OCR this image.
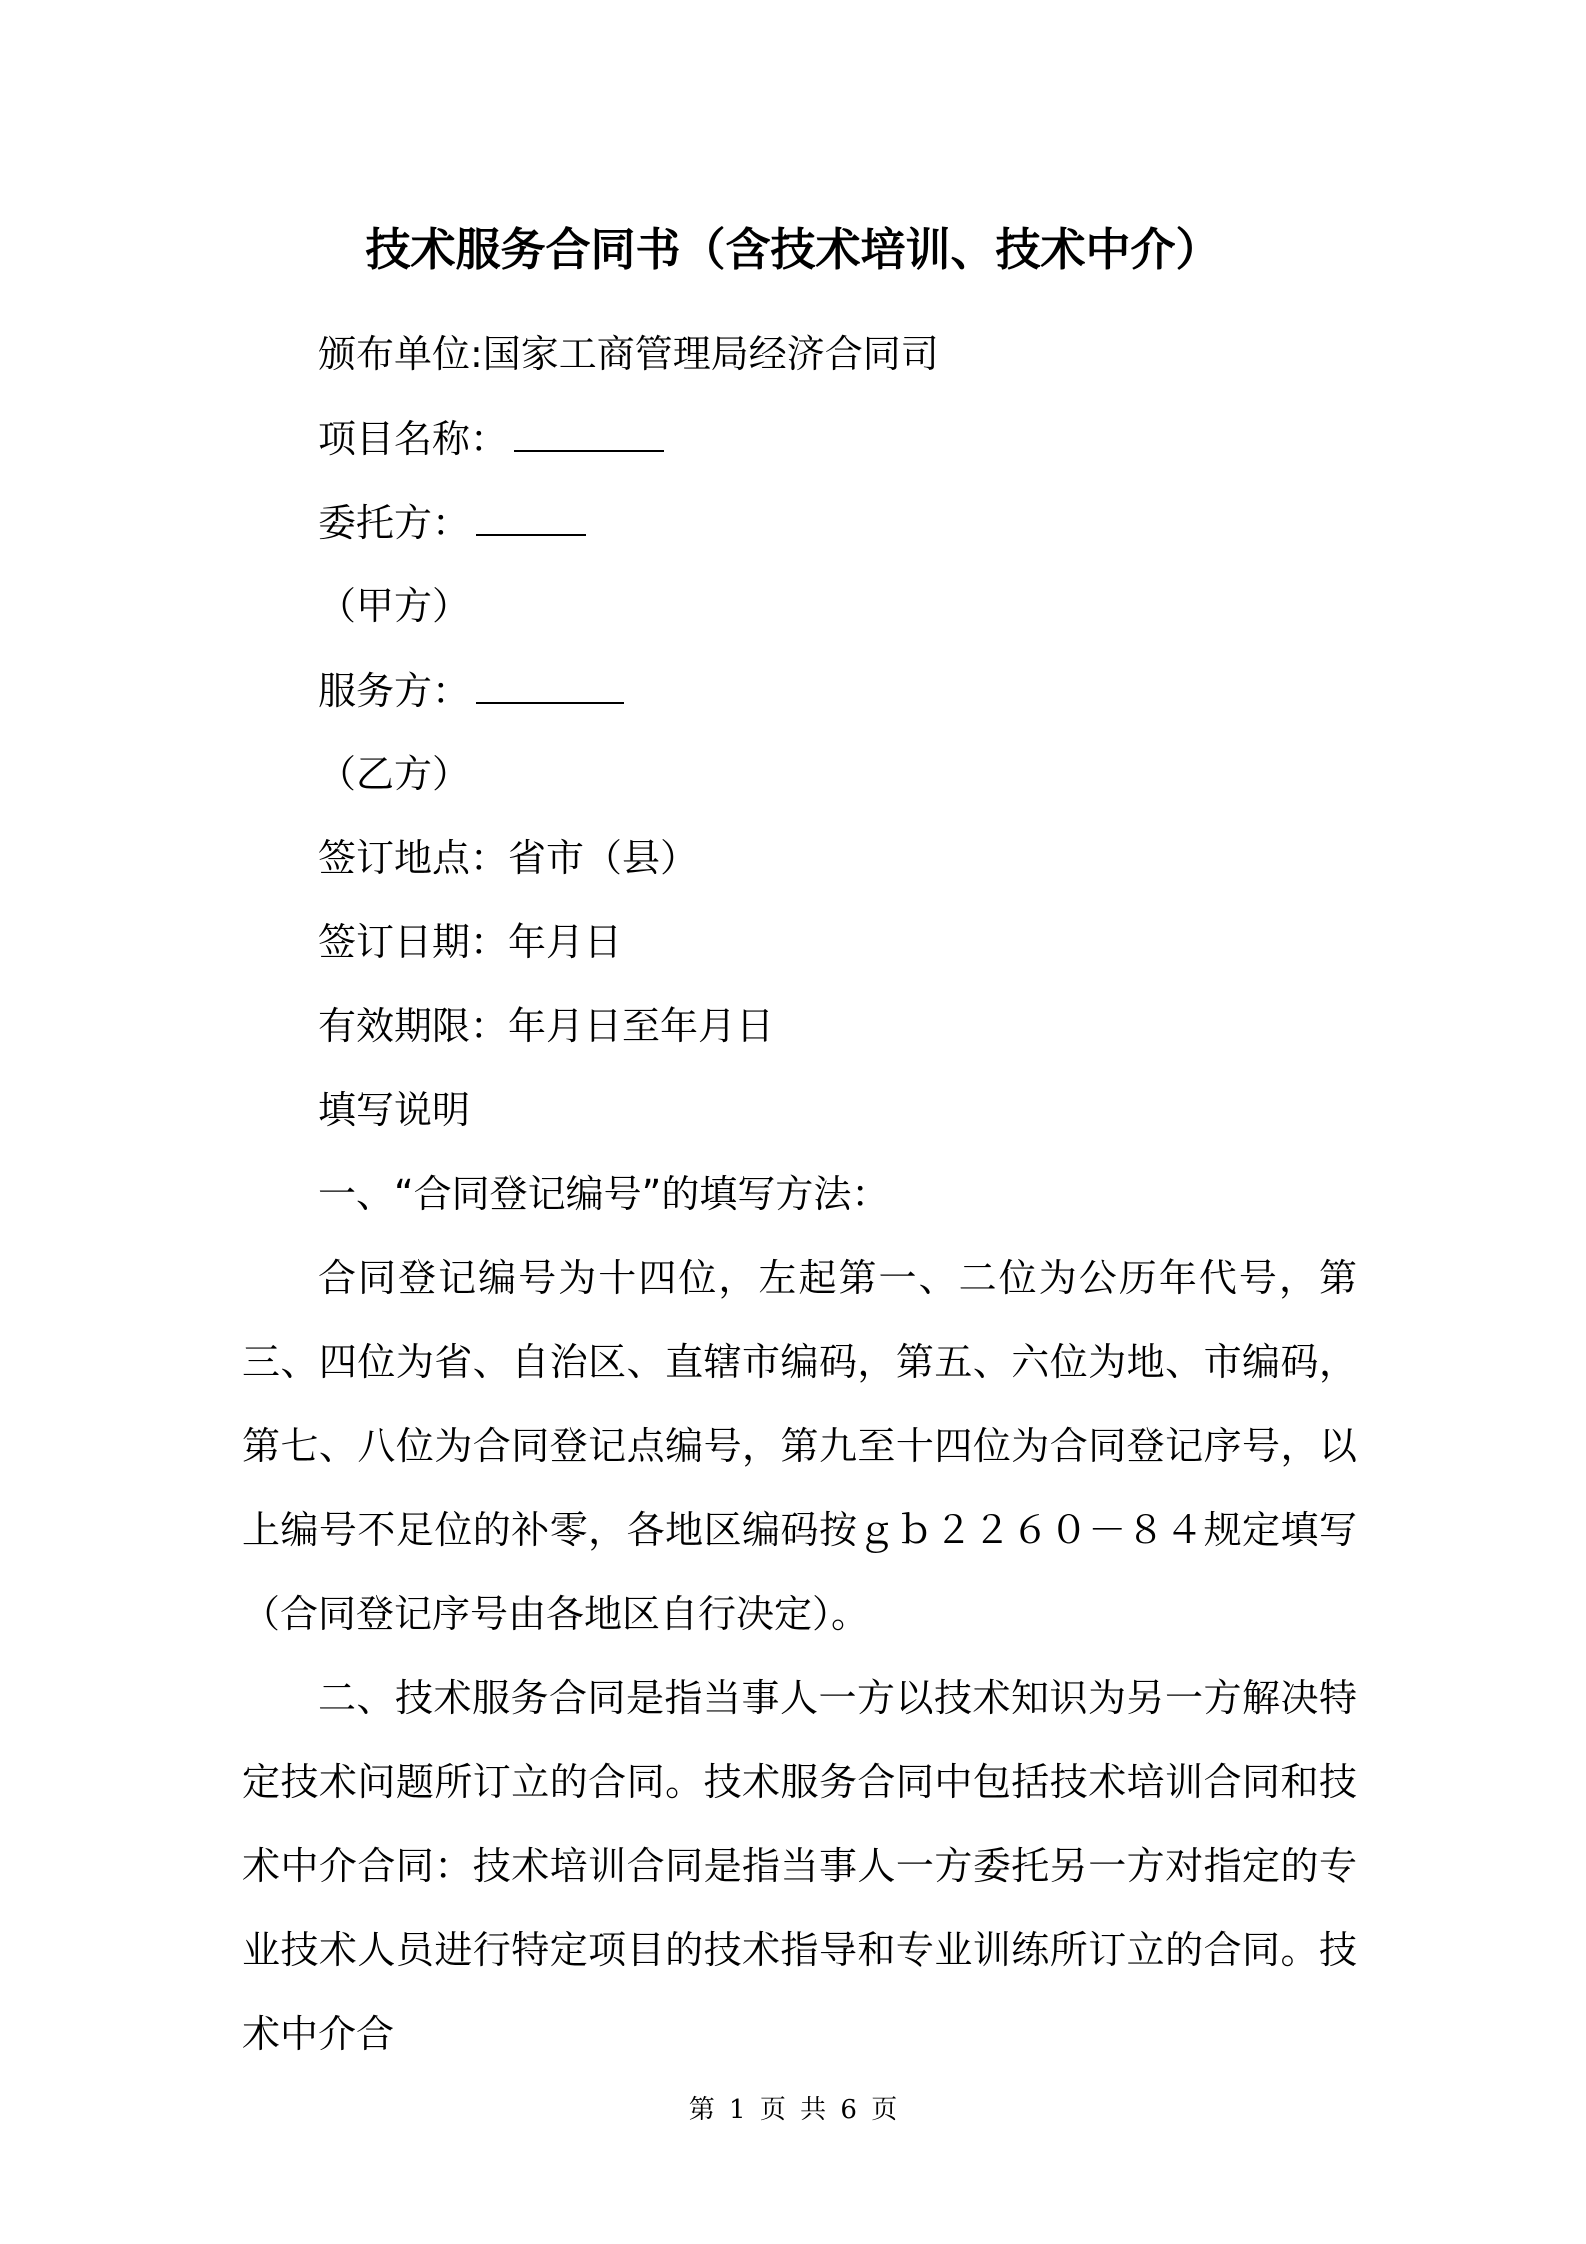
技术服务合同书（含技术培训、技术中介）
颁布单位:国家工商管理局经济合同司
项目名称：
委托方：
（甲方）
服务方：
（乙方）
签订地点：省市（县）
签订日期：年月日
有效期限：年月日至年月日
填写说明
一、“合同登记编号”的填写方法：

合同登记编号为十四位，左起第一、二位为公历年代号，第三、四位为省、自治区、直辖市编码，第五、六位为地、市编码，第七、八位为合同登记点编号，第九至十四位为合同登记序号，以上编号不足位的补零，各地区编码按ｇｂ２２６０－８４规定填写（合同登记序号由各地区自行决定）。

二、技术服务合同是指当事人一方以技术知识为另一方解决特定技术问题所订立的合同。技术服务合同中包括技术培训合同和技术中介合同：技术培训合同是指当事人一方委托另一方对指定的专业技术人员进行特定项目的技术指导和专业训练所订立的合同。技术中介合

第 1 页 共 6 页
